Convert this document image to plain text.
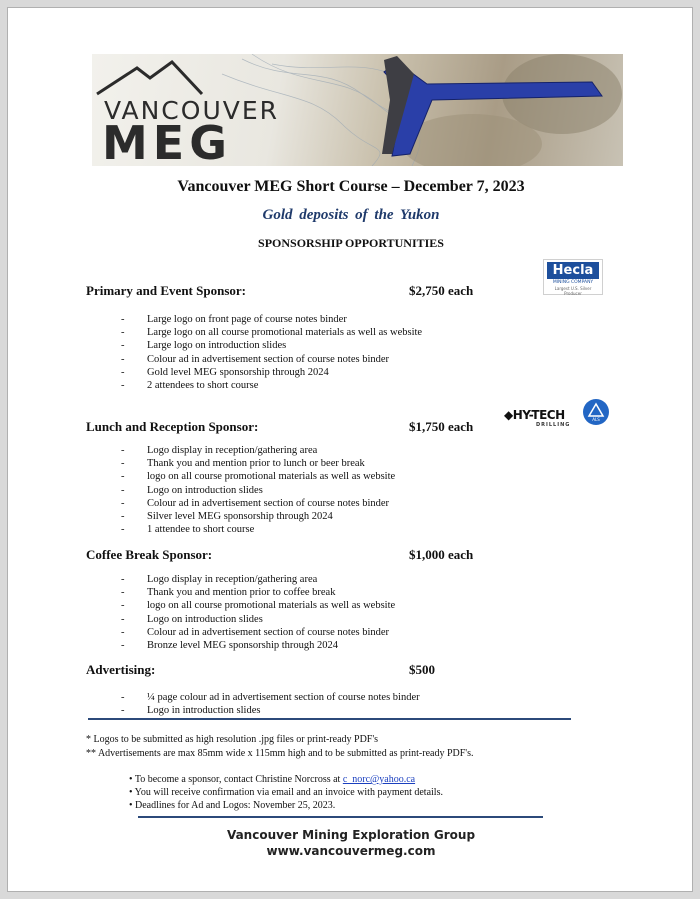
VANCOUVER
MEG
Vancouver MEG Short Course – December 7, 2023
Gold deposits of the Yukon
SPONSORSHIP OPPORTUNITIES
Hecla
MINING COMPANY
Largest U.S. Silver Producer
◆HY-TECH
DRILLING
ALS
Primary and Event Sponsor:	$2,750 each
- Large logo on front page of course notes binder
- Large logo on all course promotional materials as well as website
- Large logo on introduction slides
- Colour ad in advertisement section of course notes binder
- Gold level MEG sponsorship through 2024
- 2 attendees to short course
Lunch and Reception Sponsor:	$1,750 each
- Logo display in reception/gathering area
- Thank you and mention prior to lunch or beer break
- logo on all course promotional materials as well as website
- Logo on introduction slides
- Colour ad in advertisement section of course notes binder
- Silver level MEG sponsorship through 2024
- 1 attendee to short course
Coffee Break Sponsor:	$1,000 each
- Logo display in reception/gathering area
- Thank you and mention prior to coffee break
- logo on all course promotional materials as well as website
- Logo on introduction slides
- Colour ad in advertisement section of course notes binder
- Bronze level MEG sponsorship through 2024
Advertising:	$500
- ¼ page colour ad in advertisement section of course notes binder
- Logo in introduction slides
* Logos to be submitted as high resolution .jpg files or print-ready PDF's
** Advertisements are max 85mm wide x 115mm high and to be submitted as print-ready PDF's.
• To become a sponsor, contact Christine Norcross at c_norc@yahoo.ca
• You will receive confirmation via email and an invoice with payment details.
• Deadlines for Ad and Logos: November 25, 2023.
Vancouver Mining Exploration Group
www.vancouvermeg.com
